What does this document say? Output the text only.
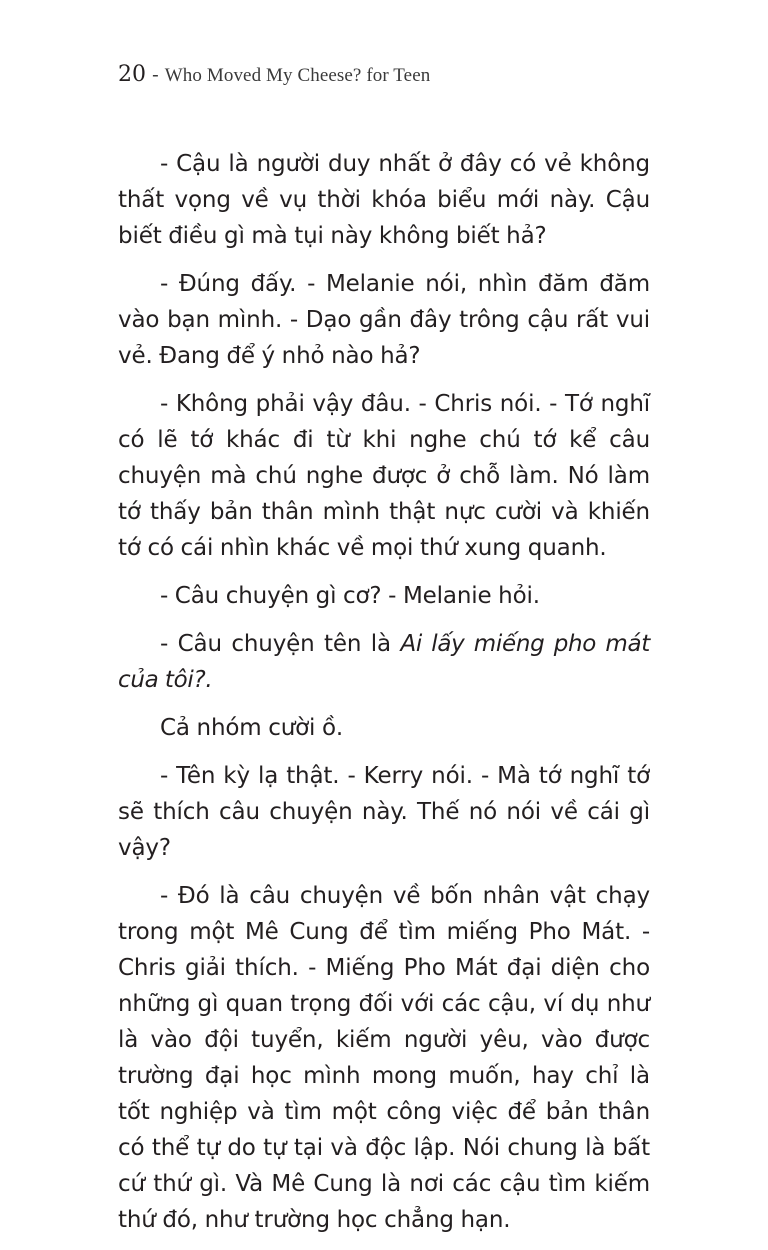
20 - Who Moved My Cheese? for Teen

- Cậu là người duy nhất ở đây có vẻ không thất vọng về vụ thời khóa biểu mới này. Cậu biết điều gì mà tụi này không biết hả?

- Đúng đấy. - Melanie nói, nhìn đăm đăm vào bạn mình. - Dạo gần đây trông cậu rất vui vẻ. Đang để ý nhỏ nào hả?

- Không phải vậy đâu. - Chris nói. - Tớ nghĩ có lẽ tớ khác đi từ khi nghe chú tớ kể câu chuyện mà chú nghe được ở chỗ làm. Nó làm tớ thấy bản thân mình thật nực cười và khiến tớ có cái nhìn khác về mọi thứ xung quanh.

- Câu chuyện gì cơ? - Melanie hỏi.

- Câu chuyện tên là Ai lấy miếng pho mát của tôi?.

Cả nhóm cười ồ.

- Tên kỳ lạ thật. - Kerry nói. - Mà tớ nghĩ tớ sẽ thích câu chuyện này. Thế nó nói về cái gì vậy?

- Đó là câu chuyện về bốn nhân vật chạy trong một Mê Cung để tìm miếng Pho Mát. - Chris giải thích. - Miếng Pho Mát đại diện cho những gì quan trọng đối với các cậu, ví dụ như là vào đội tuyển, kiếm người yêu, vào được trường đại học mình mong muốn, hay chỉ là tốt nghiệp và tìm một công việc để bản thân có thể tự do tự tại và độc lập. Nói chung là bất cứ thứ gì. Và Mê Cung là nơi các cậu tìm kiếm thứ đó, như trường học chẳng hạn.
